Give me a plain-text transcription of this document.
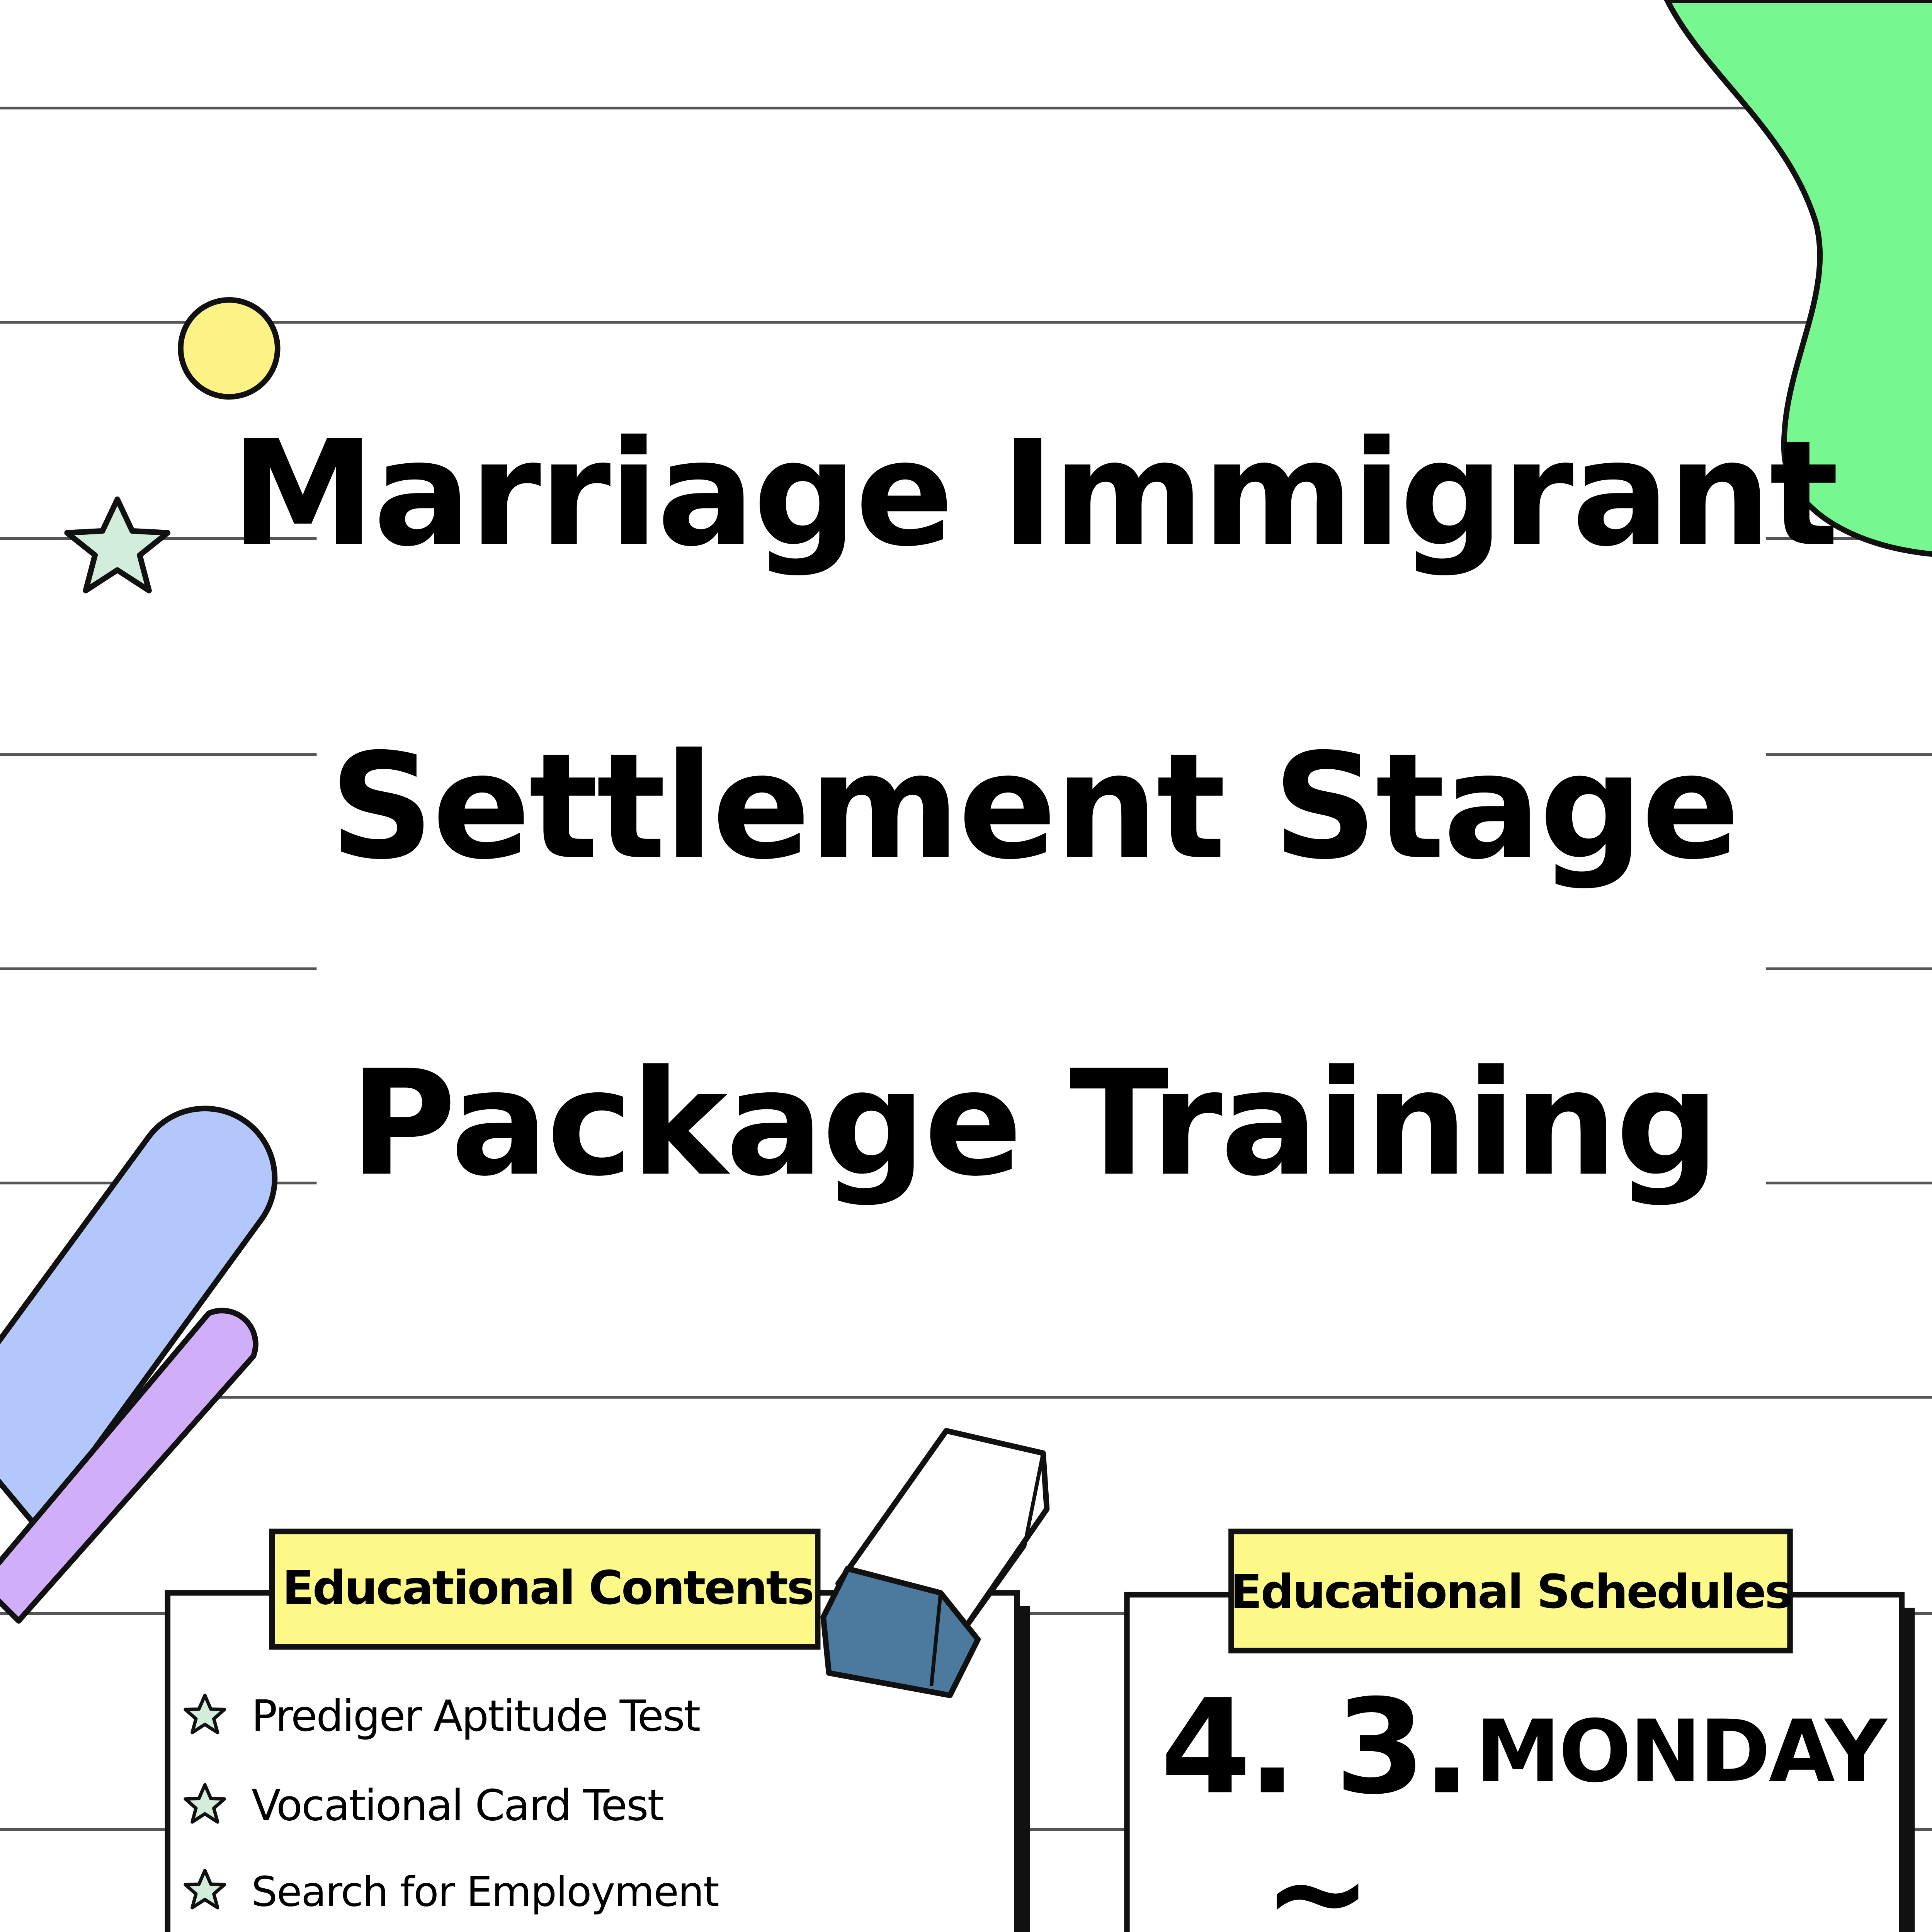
Marriage Immigrant
Settlement Stage
Package Training
Educational Contents
Prediger Aptitude Test
Vocational Card Test
Search for Employment
Educational Schedules
4. 3. MONDAY
~
